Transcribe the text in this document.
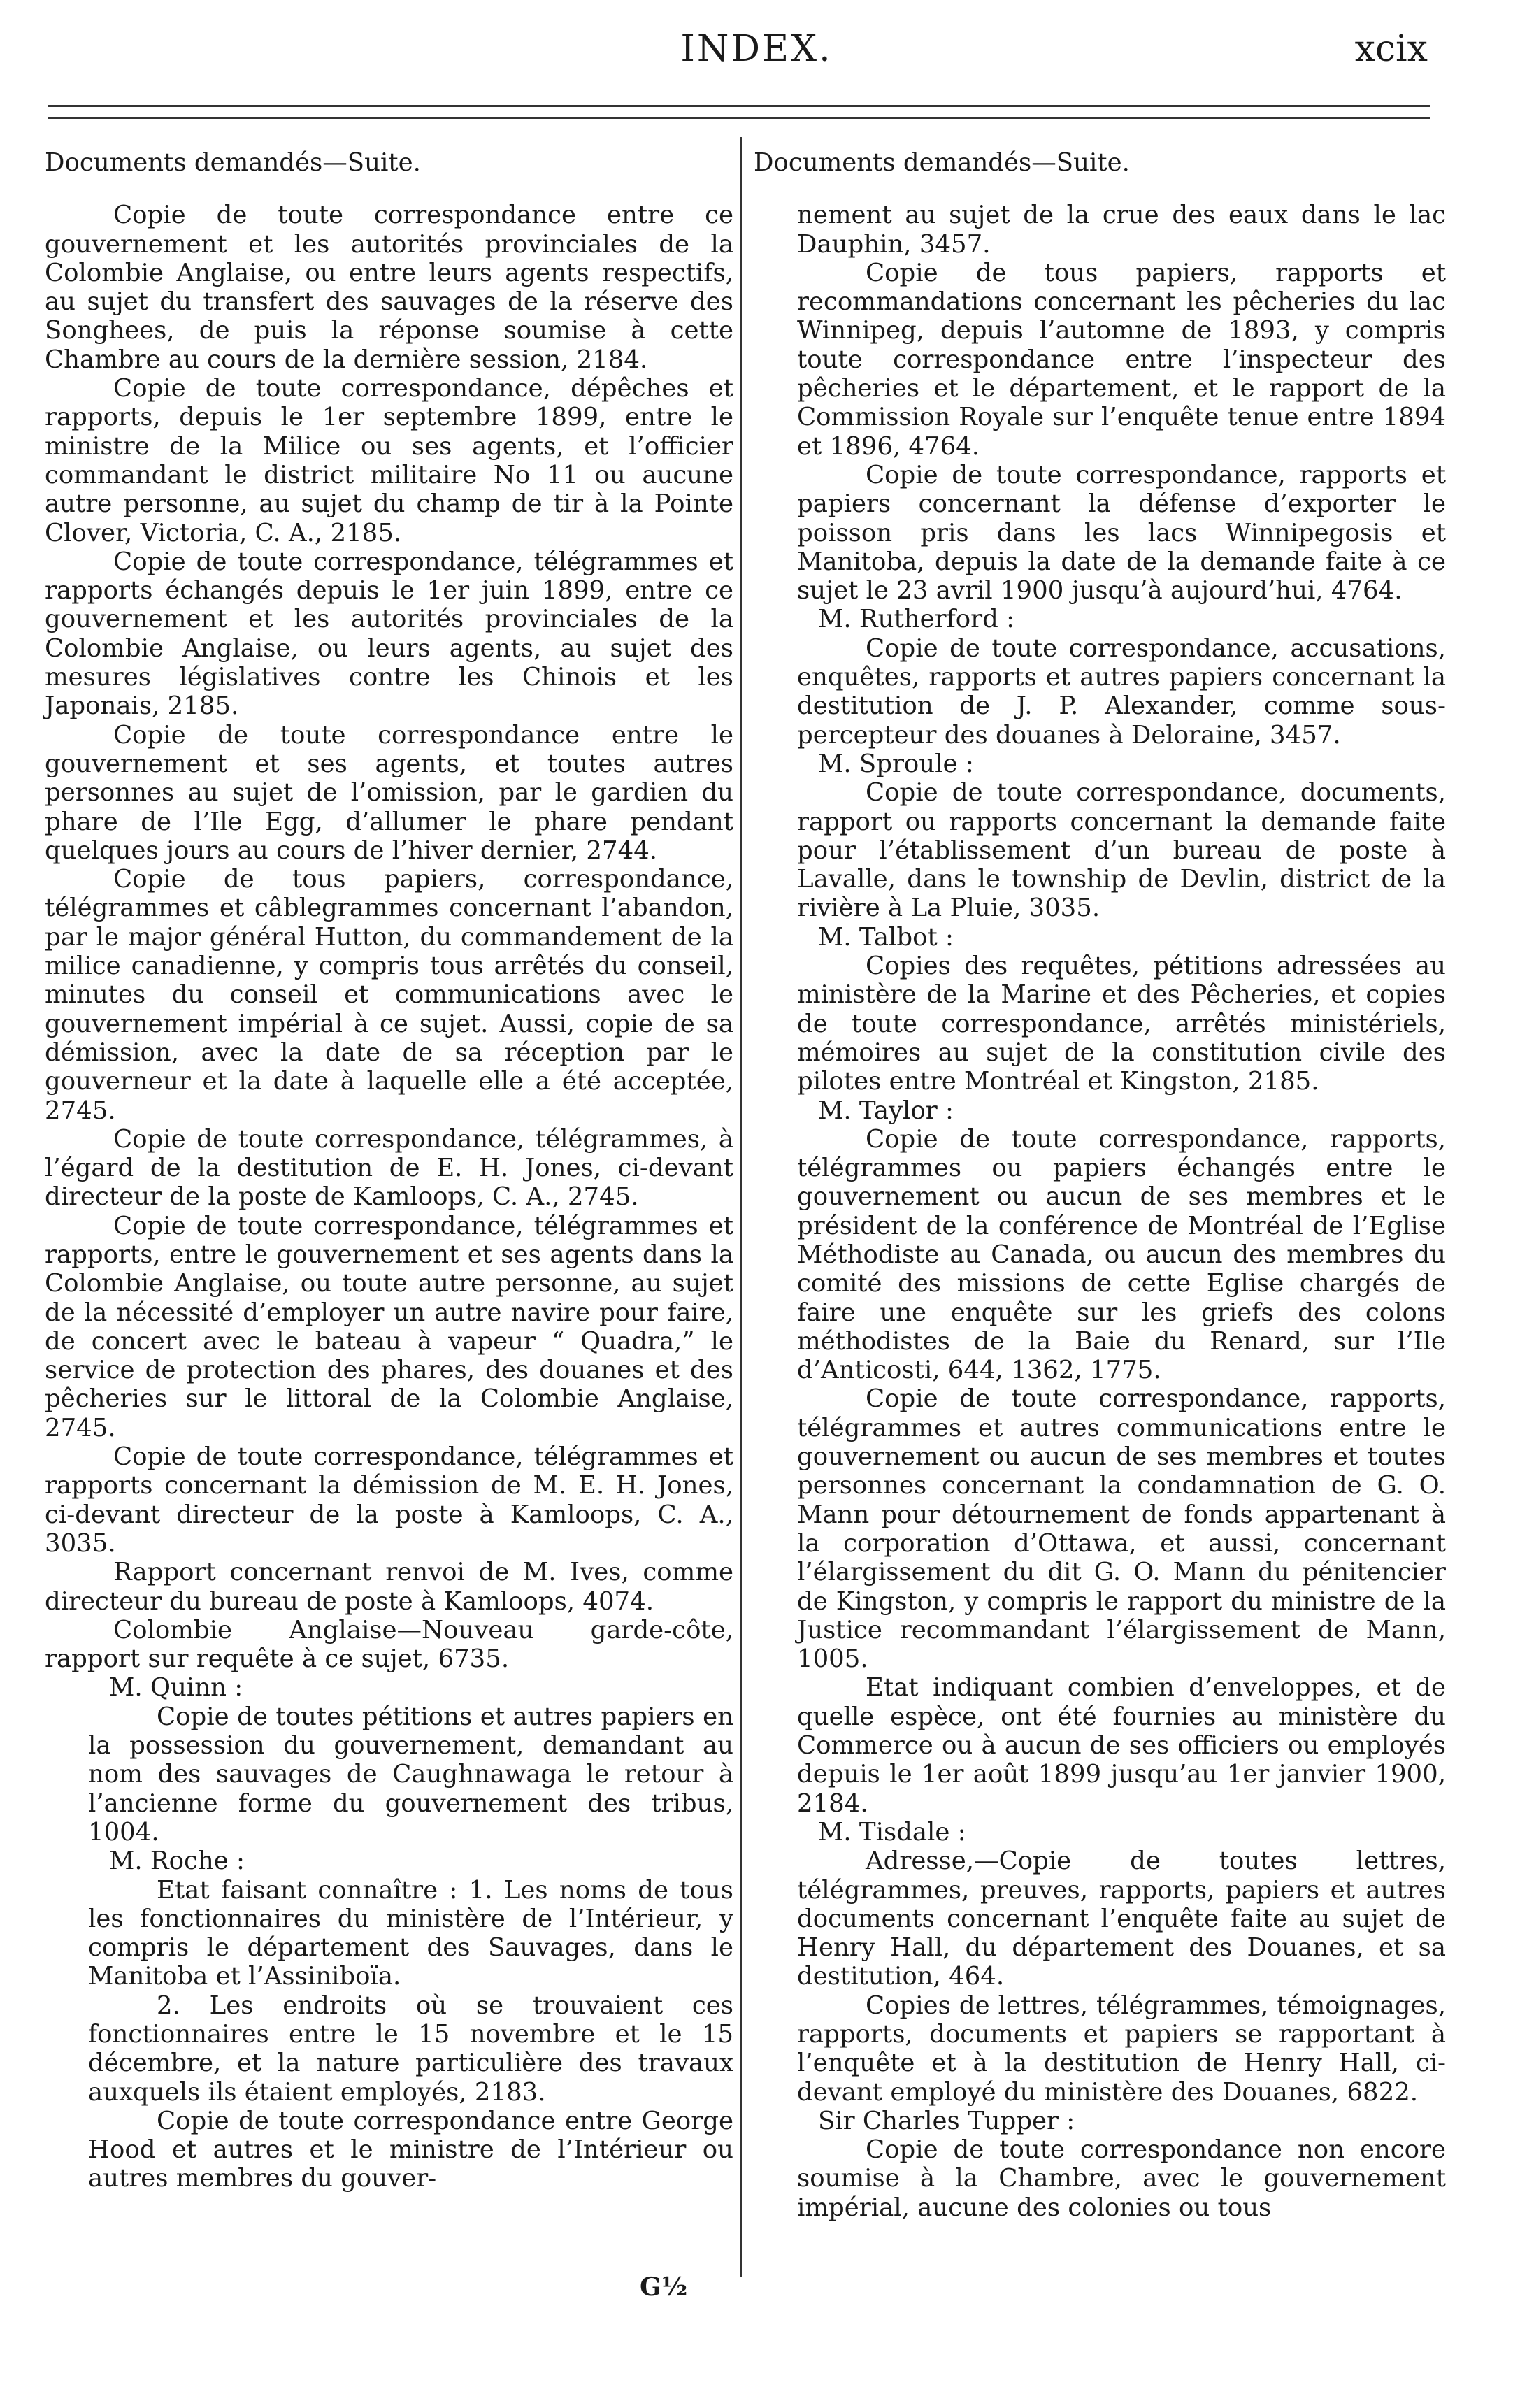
INDEX.	xcix

Documents demandés—Suite.

Copie de toute correspondance entre ce gouvernement et les autorités provinciales de la Colombie Anglaise, ou entre leurs agents respectifs, au sujet du transfert des sauvages de la réserve des Songhees, de puis la réponse soumise à cette Chambre au cours de la dernière session, 2184.

Copie de toute correspondance, dépêches et rapports, depuis le 1er septembre 1899, entre le ministre de la Milice ou ses agents, et l’officier commandant le district militaire No 11 ou aucune autre personne, au sujet du champ de tir à la Pointe Clover, Victoria, C. A., 2185.

Copie de toute correspondance, télégrammes et rapports échangés depuis le 1er juin 1899, entre ce gouvernement et les autorités provinciales de la Colombie Anglaise, ou leurs agents, au sujet des mesures législatives contre les Chinois et les Japonais, 2185.

Copie de toute correspondance entre le gouvernement et ses agents, et toutes autres personnes au sujet de l’omission, par le gardien du phare de l’Ile Egg, d’allumer le phare pendant quelques jours au cours de l’hiver dernier, 2744.

Copie de tous papiers, correspondance, télégrammes et câblegrammes concernant l’abandon, par le major général Hutton, du commandement de la milice canadienne, y compris tous arrêtés du conseil, minutes du conseil et communications avec le gouvernement impérial à ce sujet. Aussi, copie de sa démission, avec la date de sa réception par le gouverneur et la date à laquelle elle a été acceptée, 2745.

Copie de toute correspondance, télégrammes, à l’égard de la destitution de E. H. Jones, ci-devant directeur de la poste de Kamloops, C. A., 2745.

Copie de toute correspondance, télégrammes et rapports, entre le gouvernement et ses agents dans la Colombie Anglaise, ou toute autre personne, au sujet de la nécessité d’employer un autre navire pour faire, de concert avec le bateau à vapeur “ Quadra,” le service de protection des phares, des douanes et des pêcheries sur le littoral de la Colombie Anglaise, 2745.

Copie de toute correspondance, télégrammes et rapports concernant la démission de M. E. H. Jones, ci-devant directeur de la poste à Kamloops, C. A., 3035.

Rapport concernant renvoi de M. Ives, comme directeur du bureau de poste à Kamloops, 4074.

Colombie Anglaise—Nouveau garde-côte, rapport sur requête à ce sujet, 6735.

M. Quinn :

Copie de toutes pétitions et autres papiers en la possession du gouvernement, demandant au nom des sauvages de Caughnawaga le retour à l’ancienne forme du gouvernement des tribus, 1004.

M. Roche :

Etat faisant connaître : 1. Les noms de tous les fonctionnaires du ministère de l’Intérieur, y compris le département des Sauvages, dans le Manitoba et l’Assiniboïa.

2. Les endroits où se trouvaient ces fonctionnaires entre le 15 novembre et le 15 décembre, et la nature particulière des travaux auxquels ils étaient employés, 2183.

Copie de toute correspondance entre George Hood et autres et le ministre de l’Intérieur ou autres membres du gouver-

Documents demandés—Suite.

nement au sujet de la crue des eaux dans le lac Dauphin, 3457.

Copie de tous papiers, rapports et recommandations concernant les pêcheries du lac Winnipeg, depuis l’automne de 1893, y compris toute correspondance entre l’inspecteur des pêcheries et le département, et le rapport de la Commission Royale sur l’enquête tenue entre 1894 et 1896, 4764.

Copie de toute correspondance, rapports et papiers concernant la défense d’exporter le poisson pris dans les lacs Winnipegosis et Manitoba, depuis la date de la demande faite à ce sujet le 23 avril 1900 jusqu’à aujourd’hui, 4764.

M. Rutherford :

Copie de toute correspondance, accusations, enquêtes, rapports et autres papiers concernant la destitution de J. P. Alexander, comme sous-percepteur des douanes à Deloraine, 3457.

M. Sproule :

Copie de toute correspondance, documents, rapport ou rapports concernant la demande faite pour l’établissement d’un bureau de poste à Lavalle, dans le township de Devlin, district de la rivière à La Pluie, 3035.

M. Talbot :

Copies des requêtes, pétitions adressées au ministère de la Marine et des Pêcheries, et copies de toute correspondance, arrêtés ministériels, mémoires au sujet de la constitution civile des pilotes entre Montréal et Kingston, 2185.

M. Taylor :

Copie de toute correspondance, rapports, télégrammes ou papiers échangés entre le gouvernement ou aucun de ses membres et le président de la conférence de Montréal de l’Eglise Méthodiste au Canada, ou aucun des membres du comité des missions de cette Eglise chargés de faire une enquête sur les griefs des colons méthodistes de la Baie du Renard, sur l’Ile d’Anticosti, 644, 1362, 1775.

Copie de toute correspondance, rapports, télégrammes et autres communications entre le gouvernement ou aucun de ses membres et toutes personnes concernant la condamnation de G. O. Mann pour détournement de fonds appartenant à la corporation d’Ottawa, et aussi, concernant l’élargissement du dit G. O. Mann du pénitencier de Kingston, y compris le rapport du ministre de la Justice recommandant l’élargissement de Mann, 1005.

Etat indiquant combien d’enveloppes, et de quelle espèce, ont été fournies au ministère du Commerce ou à aucun de ses officiers ou employés depuis le 1er août 1899 jusqu’au 1er janvier 1900, 2184.

M. Tisdale :

Adresse,—Copie de toutes lettres, télégrammes, preuves, rapports, papiers et autres documents concernant l’enquête faite au sujet de Henry Hall, du département des Douanes, et sa destitution, 464.

Copies de lettres, télégrammes, témoignages, rapports, documents et papiers se rapportant à l’enquête et à la destitution de Henry Hall, ci-devant employé du ministère des Douanes, 6822.

Sir Charles Tupper :

Copie de toute correspondance non encore soumise à la Chambre, avec le gouvernement impérial, aucune des colonies ou tous

G½
